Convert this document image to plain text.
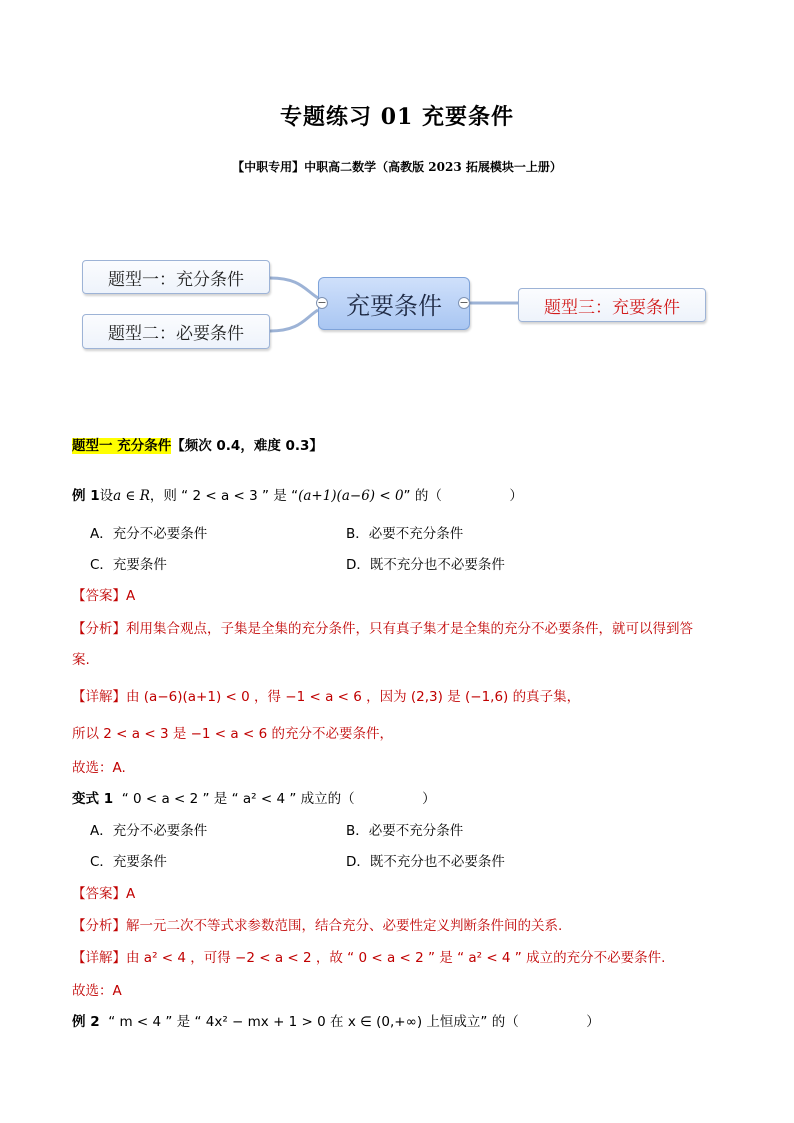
专题练习 01 充要条件
【中职专用】中职高二数学（高教版 2023 拓展模块一上册）
题型一：充分条件
题型二：必要条件
充要条件	题型三：充要条件
−	−
题型一 充分条件【频次 0.4，难度 0.3】
例 1设a ∈ R，则 “ 2 < a < 3 ” 是 “(a+1)(a−6) < 0” 的（　　　　　）
A．充分不必要条件	B．必要不充分条件
C．充要条件	D．既不充分也不必要条件
【答案】A
【分析】利用集合观点，子集是全集的充分条件，只有真子集才是全集的充分不必要条件，就可以得到答
案.
【详解】由 (a−6)(a+1) < 0 ，得 −1 < a < 6 ，因为 (2,3) 是 (−1,6) 的真子集，
所以 2 < a < 3 是 −1 < a < 6 的充分不必要条件，
故选：A.
变式 1 “ 0 < a < 2 ” 是 “ a² < 4 ” 成立的（　　　　　）
A．充分不必要条件	B．必要不充分条件
C．充要条件	D．既不充分也不必要条件
【答案】A
【分析】解一元二次不等式求参数范围，结合充分、必要性定义判断条件间的关系.
【详解】由 a² < 4 ，可得 −2 < a < 2 ，故 “ 0 < a < 2 ” 是 “ a² < 4 ” 成立的充分不必要条件.
故选：A
例 2 “ m < 4 ” 是 “ 4x² − mx + 1 > 0 在 x ∈ (0,+∞) 上恒成立” 的（　　　　　）
